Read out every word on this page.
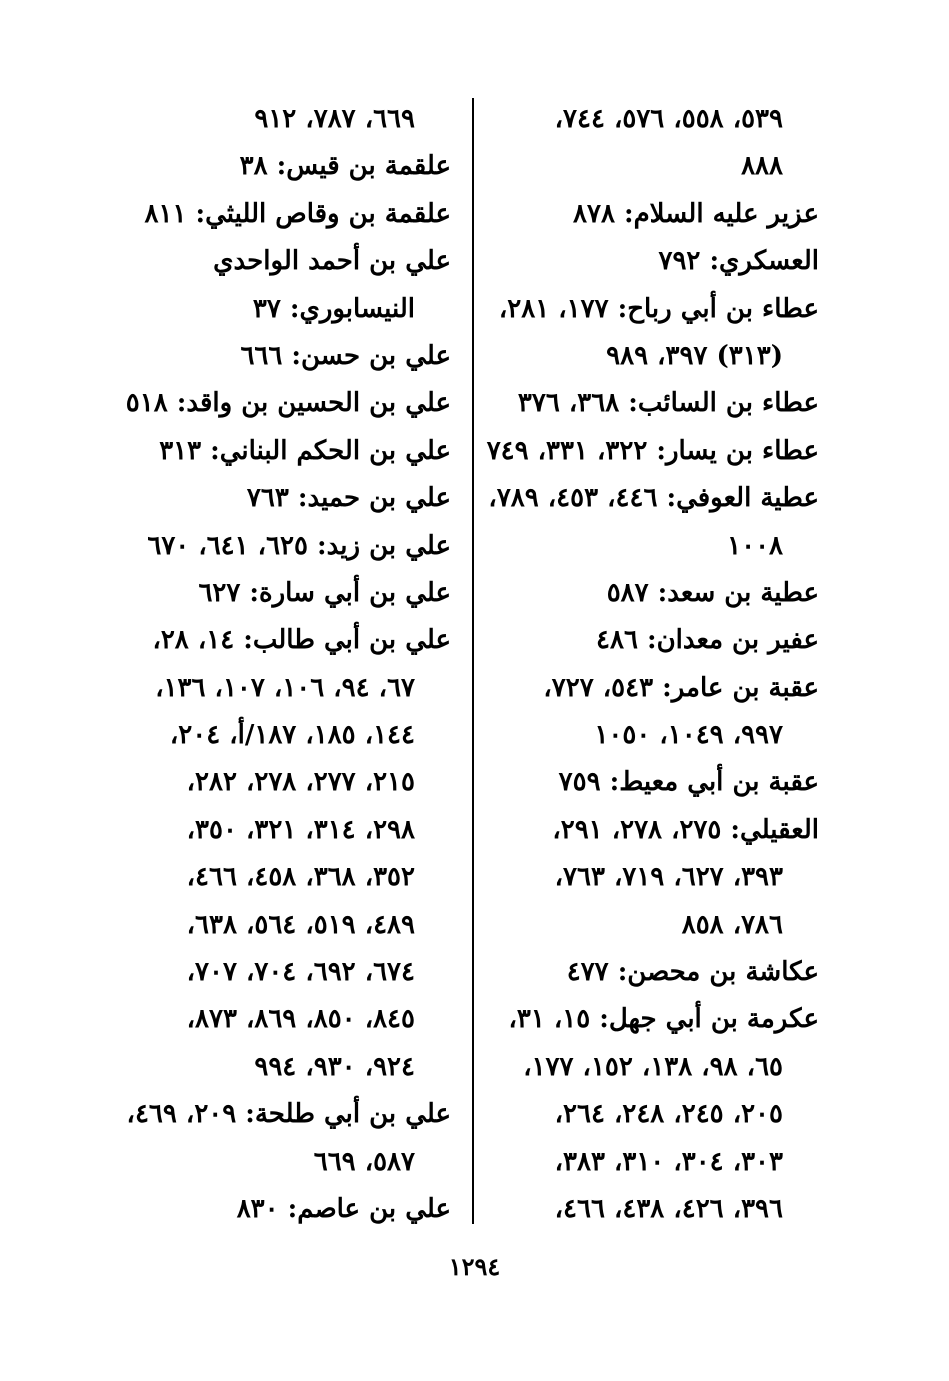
٥٣٩، ٥٥٨، ٥٧٦، ٧٤٤،
٨٨٨
عزير عليه السلام: ٨٧٨
العسكري: ٧٩٢
عطاء بن أبي رباح: ١٧٧، ٢٨١،
(٣١٣) ٣٩٧، ٩٨٩
عطاء بن السائب: ٣٦٨، ٣٧٦
عطاء بن يسار: ٣٢٢، ٣٣١، ٧٤٩
عطية العوفي: ٤٤٦، ٤٥٣، ٧٨٩،
١٠٠٨
عطية بن سعد: ٥٨٧
عفير بن معدان: ٤٨٦
عقبة بن عامر: ٥٤٣، ٧٢٧،
٩٩٧، ١٠٤٩، ١٠٥٠
عقبة بن أبي معيط: ٧٥٩
العقيلي: ٢٧٥، ٢٧٨، ٢٩١،
٣٩٣، ٦٢٧، ٧١٩، ٧٦٣،
٧٨٦، ٨٥٨
عكاشة بن محصن: ٤٧٧
عكرمة بن أبي جهل: ١٥، ٣١،
٦٥، ٩٨، ١٣٨، ١٥٢، ١٧٧،
٢٠٥، ٢٤٥، ٢٤٨، ٢٦٤،
٣٠٣، ٣٠٤، ٣١٠، ٣٨٣،
٣٩٦، ٤٢٦، ٤٣٨، ٤٦٦،
٦٦٩، ٧٨٧، ٩١٢
علقمة بن قيس: ٣٨
علقمة بن وقاص الليثي: ٨١١
علي بن أحمد الواحدي
النيسابوري: ٣٧
علي بن حسن: ٦٦٦
علي بن الحسين بن واقد: ٥١٨
علي بن الحكم البناني: ٣١٣
علي بن حميد: ٧٦٣
علي بن زيد: ٦٢٥، ٦٤١، ٦٧٠
علي بن أبي سارة: ٦٢٧
علي بن أبي طالب: ١٤، ٢٨،
٦٧، ٩٤، ١٠٦، ١٠٧، ١٣٦،
١٤٤، ١٨٥، ١٨٧/أ، ٢٠٤،
٢١٥، ٢٧٧، ٢٧٨، ٢٨٢،
٢٩٨، ٣١٤، ٣٢١، ٣٥٠،
٣٥٢، ٣٦٨، ٤٥٨، ٤٦٦،
٤٨٩، ٥١٩، ٥٦٤، ٦٣٨،
٦٧٤، ٦٩٢، ٧٠٤، ٧٠٧،
٨٤٥، ٨٥٠، ٨٦٩، ٨٧٣،
٩٢٤، ٩٣٠، ٩٩٤
علي بن أبي طلحة: ٢٠٩، ٤٦٩،
٥٨٧، ٦٦٩
علي بن عاصم: ٨٣٠
١٢٩٤
